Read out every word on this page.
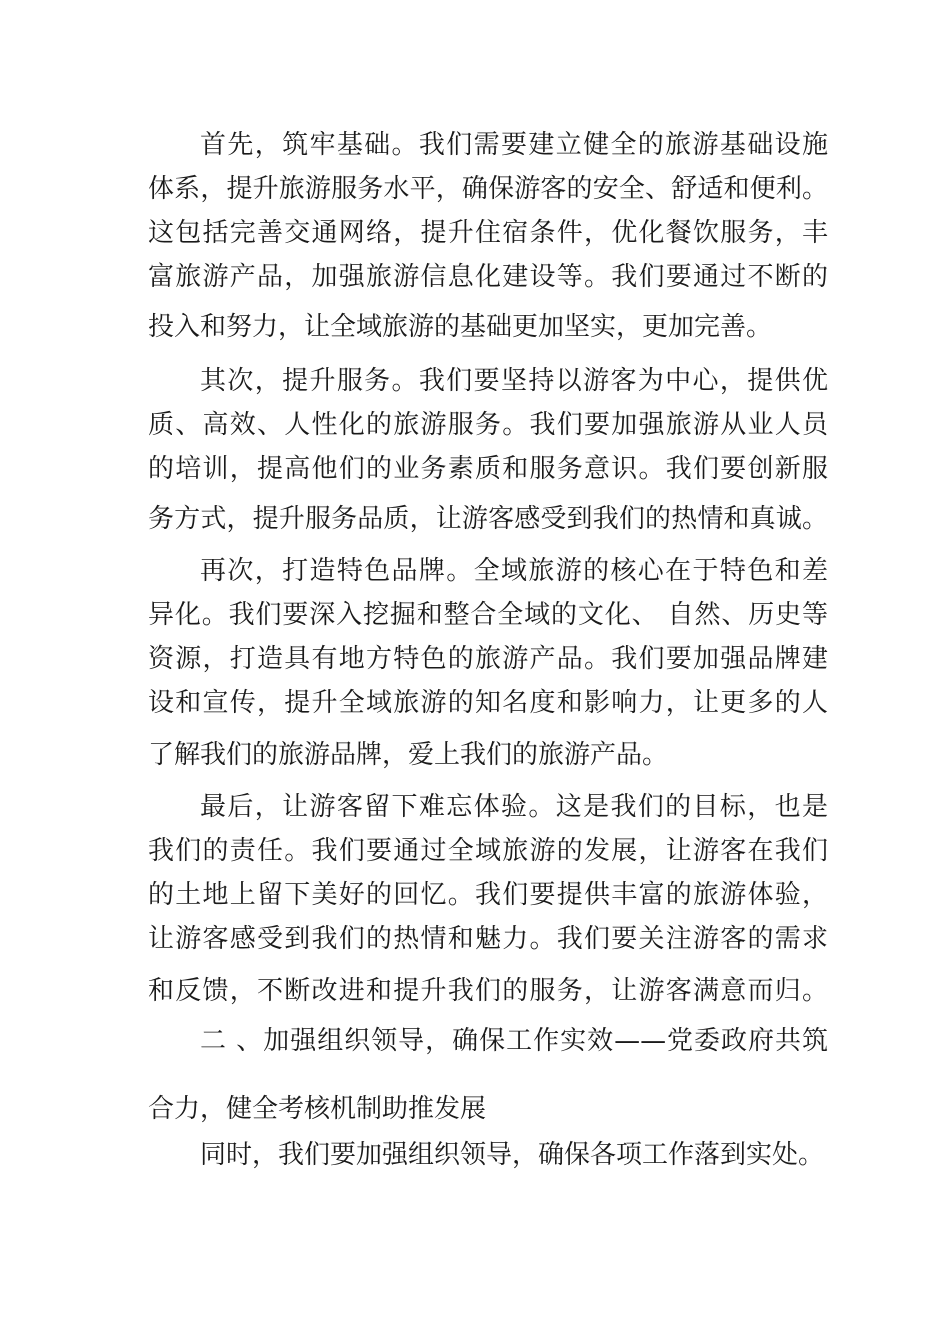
首先，筑牢基础。我们需要建立健全的旅游基础设施
体系，提升旅游服务水平，确保游客的安全、舒适和便利。
这包括完善交通网络，提升住宿条件，优化餐饮服务，丰
富旅游产品，加强旅游信息化建设等。我们要通过不断的
投入和努力，让全域旅游的基础更加坚实，更加完善。
其次，提升服务。我们要坚持以游客为中心，提供优
质、高效、人性化的旅游服务。我们要加强旅游从业人员
的培训，提高他们的业务素质和服务意识。我们要创新服
务方式，提升服务品质，让游客感受到我们的热情和真诚。
再次，打造特色品牌。全域旅游的核心在于特色和差
异化。我们要深入挖掘和整合全域的文化、 自然、历史等
资源，打造具有地方特色的旅游产品。我们要加强品牌建
设和宣传，提升全域旅游的知名度和影响力，让更多的人
了解我们的旅游品牌，爱上我们的旅游产品。
最后，让游客留下难忘体验。这是我们的目标，也是
我们的责任。我们要通过全域旅游的发展，让游客在我们
的土地上留下美好的回忆。我们要提供丰富的旅游体验，
让游客感受到我们的热情和魅力。我们要关注游客的需求
和反馈，不断改进和提升我们的服务，让游客满意而归。
二 、加强组织领导，确保工作实效——党委政府共筑
合力，健全考核机制助推发展
同时，我们要加强组织领导，确保各项工作落到实处。
